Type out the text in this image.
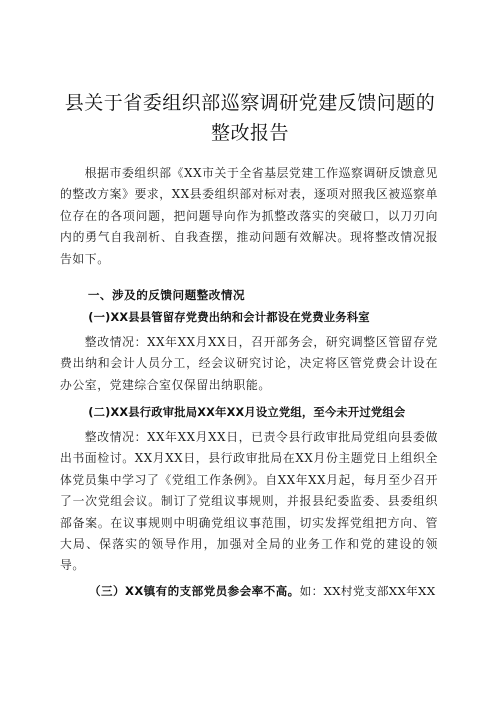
县关于省委组织部巡察调研党建反馈问题的整改报告

根据市委组织部《XX市关于全省基层党建工作巡察调研反馈意见的整改方案》要求，XX县委组织部对标对表，逐项对照我区被巡察单位存在的各项问题，把问题导向作为抓整改落实的突破口，以刀刃向内的勇气自我剖析、自我查摆，推动问题有效解决。现将整改情况报告如下。

一、涉及的反馈问题整改情况

(一)XX县县管留存党费出纳和会计都设在党费业务科室

整改情况：XX年XX月XX日，召开部务会，研究调整区管留存党费出纳和会计人员分工，经会议研究讨论，决定将区管党费会计设在办公室，党建综合室仅保留出纳职能。

(二)XX县行政审批局XX年XX月设立党组，至今未开过党组会

整改情况：XX年XX月XX日，已责令县行政审批局党组向县委做出书面检讨。XX月XX日，县行政审批局在XX月份主题党日上组织全体党员集中学习了《党组工作条例》。自XX年XX月起，每月至少召开了一次党组会议。制订了党组议事规则，并报县纪委监委、县委组织部备案。在议事规则中明确党组议事范围，切实发挥党组把方向、管大局、保落实的领导作用，加强对全局的业务工作和党的建设的领导。

（三）XX镇有的支部党员参会率不高。如：XX村党支部XX年XX
